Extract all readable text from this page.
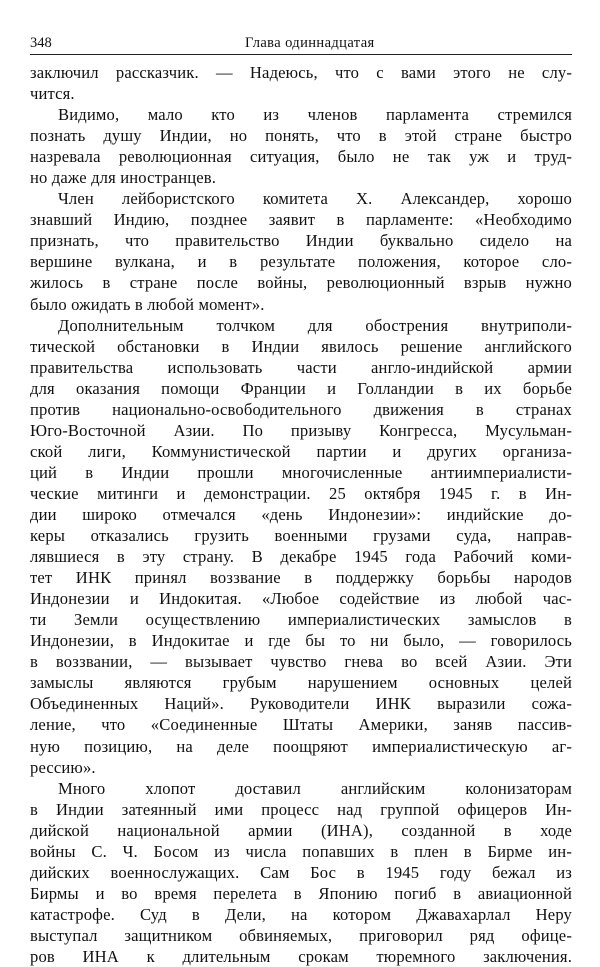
348	Глава одиннадцатая
заключил рассказчик. — Надеюсь, что с вами этого не слу-
чится.
Видимо, мало кто из членов парламента стремился
познать душу Индии, но понять, что в этой стране быстро
назревала революционная ситуация, было не так уж и труд-
но даже для иностранцев.
Член лейбористского комитета Х. Александер, хорошо
знавший Индию, позднее заявит в парламенте: «Необходимо
признать, что правительство Индии буквально сидело на
вершине вулкана, и в результате положения, которое сло-
жилось в стране после войны, революционный взрыв нужно
было ожидать в любой момент».
Дополнительным толчком для обострения внутриполи-
тической обстановки в Индии явилось решение английского
правительства использовать части англо-индийской армии
для оказания помощи Франции и Голландии в их борьбе
против национально-освободительного движения в странах
Юго-Восточной Азии. По призыву Конгресса, Мусульман-
ской лиги, Коммунистической партии и других организа-
ций в Индии прошли многочисленные антиимпериалисти-
ческие митинги и демонстрации. 25 октября 1945 г. в Ин-
дии широко отмечался «день Индонезии»: индийские до-
керы отказались грузить военными грузами суда, направ-
лявшиеся в эту страну. В декабре 1945 года Рабочий коми-
тет ИНК принял воззвание в поддержку борьбы народов
Индонезии и Индокитая. «Любое содействие из любой час-
ти Земли осуществлению империалистических замыслов в
Индонезии, в Индокитае и где бы то ни было, — говорилось
в воззвании, — вызывает чувство гнева во всей Азии. Эти
замыслы являются грубым нарушением основных целей
Объединенных Наций». Руководители ИНК выразили сожа-
ление, что «Соединенные Штаты Америки, заняв пассив-
ную позицию, на деле поощряют империалистическую аг-
рессию».
Много хлопот доставил английским колонизаторам
в Индии затеянный ими процесс над группой офицеров Ин-
дийской национальной армии (ИНА), созданной в ходе
войны С. Ч. Босом из числа попавших в плен в Бирме ин-
дийских военнослужащих. Сам Бос в 1945 году бежал из
Бирмы и во время перелета в Японию погиб в авиационной
катастрофе. Суд в Дели, на котором Джавахарлал Неру
выступал защитником обвиняемых, приговорил ряд офице-
ров ИНА к длительным срокам тюремного заключения.
